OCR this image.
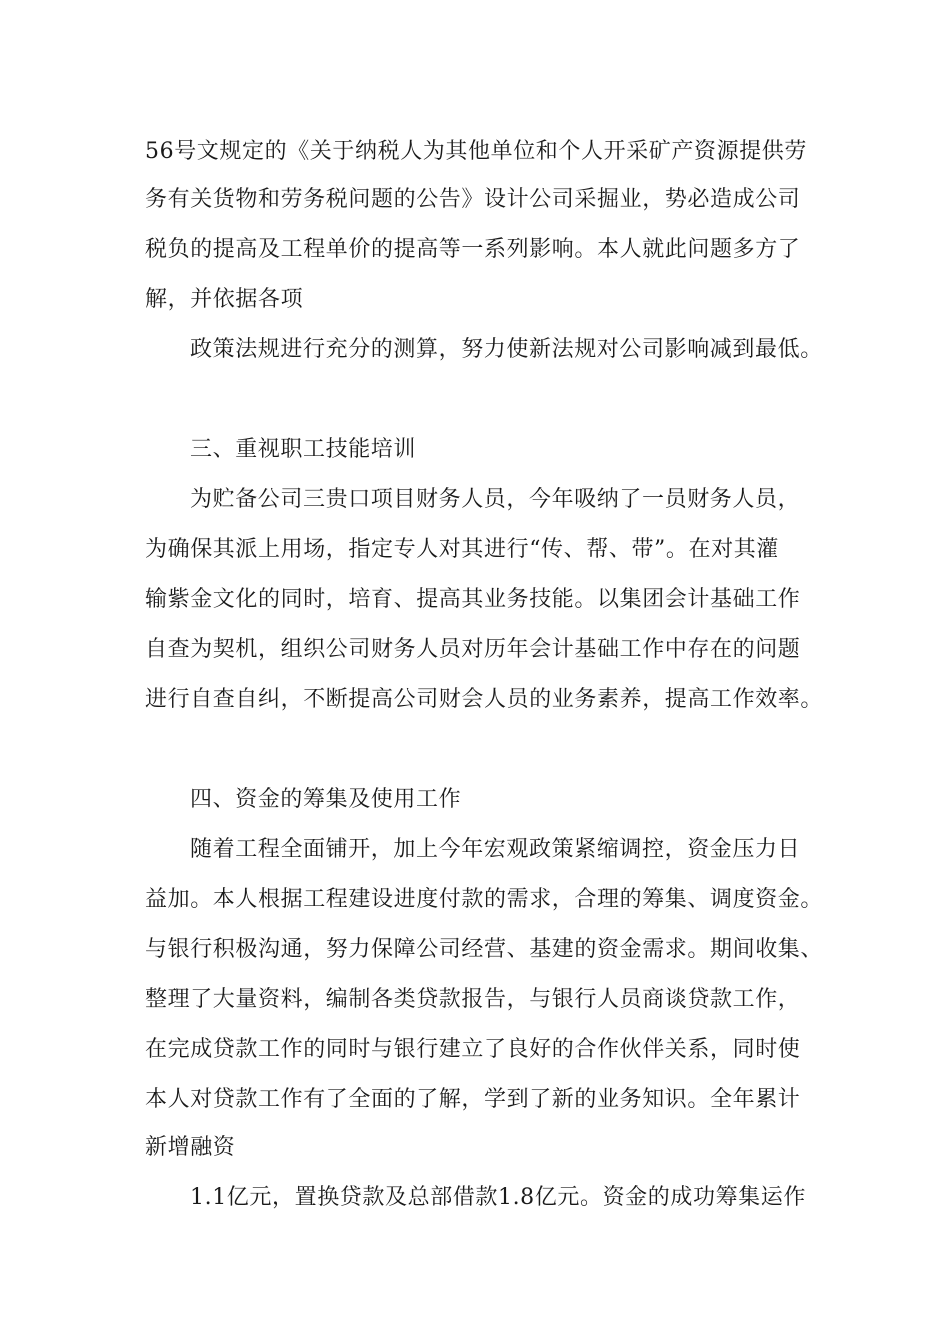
56号文规定的《关于纳税人为其他单位和个人开采矿产资源提供劳
务有关货物和劳务税问题的公告》设计公司采掘业，势必造成公司
税负的提高及工程单价的提高等一系列影响。本人就此问题多方了
解，并依据各项
政策法规进行充分的测算，努力使新法规对公司影响减到最低。
三、重视职工技能培训
为贮备公司三贵口项目财务人员，今年吸纳了一员财务人员，
为确保其派上用场，指定专人对其进行“传、帮、带”。在对其灌
输紫金文化的同时，培育、提高其业务技能。以集团会计基础工作
自查为契机，组织公司财务人员对历年会计基础工作中存在的问题
进行自查自纠，不断提高公司财会人员的业务素养，提高工作效率。
四、资金的筹集及使用工作
随着工程全面铺开，加上今年宏观政策紧缩调控，资金压力日
益加。本人根据工程建设进度付款的需求，合理的筹集、调度资金。
与银行积极沟通，努力保障公司经营、基建的资金需求。期间收集、
整理了大量资料，编制各类贷款报告，与银行人员商谈贷款工作，
在完成贷款工作的同时与银行建立了良好的合作伙伴关系，同时使
本人对贷款工作有了全面的了解，学到了新的业务知识。全年累计
新增融资
1.1亿元，置换贷款及总部借款1.8亿元。资金的成功筹集运作
